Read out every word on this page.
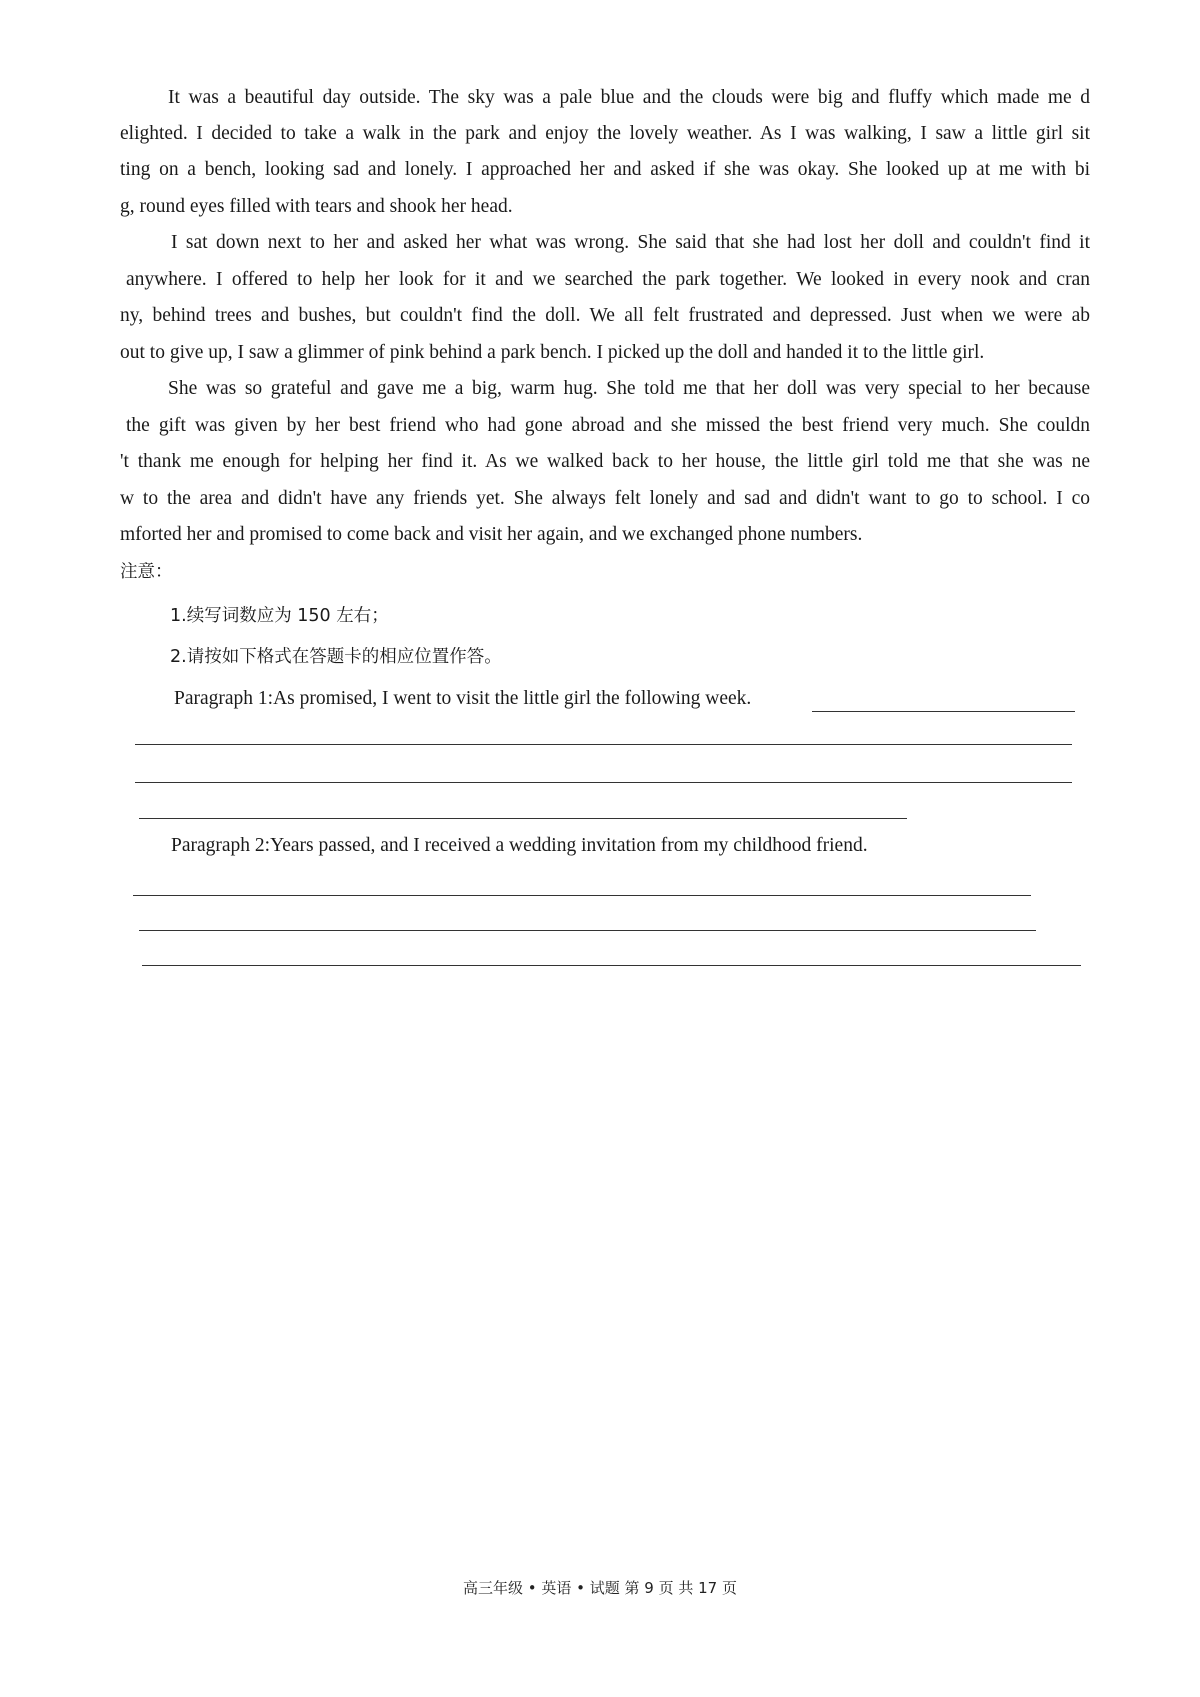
It was a beautiful day outside. The sky was a pale blue and the clouds were big and fluffy which made me d
elighted. I decided to take a walk in the park and enjoy the lovely weather. As I was walking, I saw a little girl sit
ting on a bench, looking sad and lonely. I approached her and asked if she was okay. She looked up at me with bi
g, round eyes filled with tears and shook her head.
I sat down next to her and asked her what was wrong. She said that she had lost her doll and couldn't find it
anywhere. I offered to help her look for it and we searched the park together. We looked in every nook and cran
ny, behind trees and bushes, but couldn't find the doll. We all felt frustrated and depressed. Just when we were ab
out to give up, I saw a glimmer of pink behind a park bench. I picked up the doll and handed it to the little girl.
She was so grateful and gave me a big, warm hug. She told me that her doll was very special to her because
the gift was given by her best friend who had gone abroad and she missed the best friend very much. She couldn
't thank me enough for helping her find it. As we walked back to her house, the little girl told me that she was ne
w to the area and didn't have any friends yet. She always felt lonely and sad and didn't want to go to school. I co
mforted her and promised to come back and visit her again, and we exchanged phone numbers.
注意：
1.续写词数应为 150 左右；
2.请按如下格式在答题卡的相应位置作答。
Paragraph 1:As promised, I went to visit the little girl the following week.
Paragraph 2:Years passed, and I received a wedding invitation from my childhood friend.
高三年级 • 英语 • 试题 第 9 页 共 17 页
